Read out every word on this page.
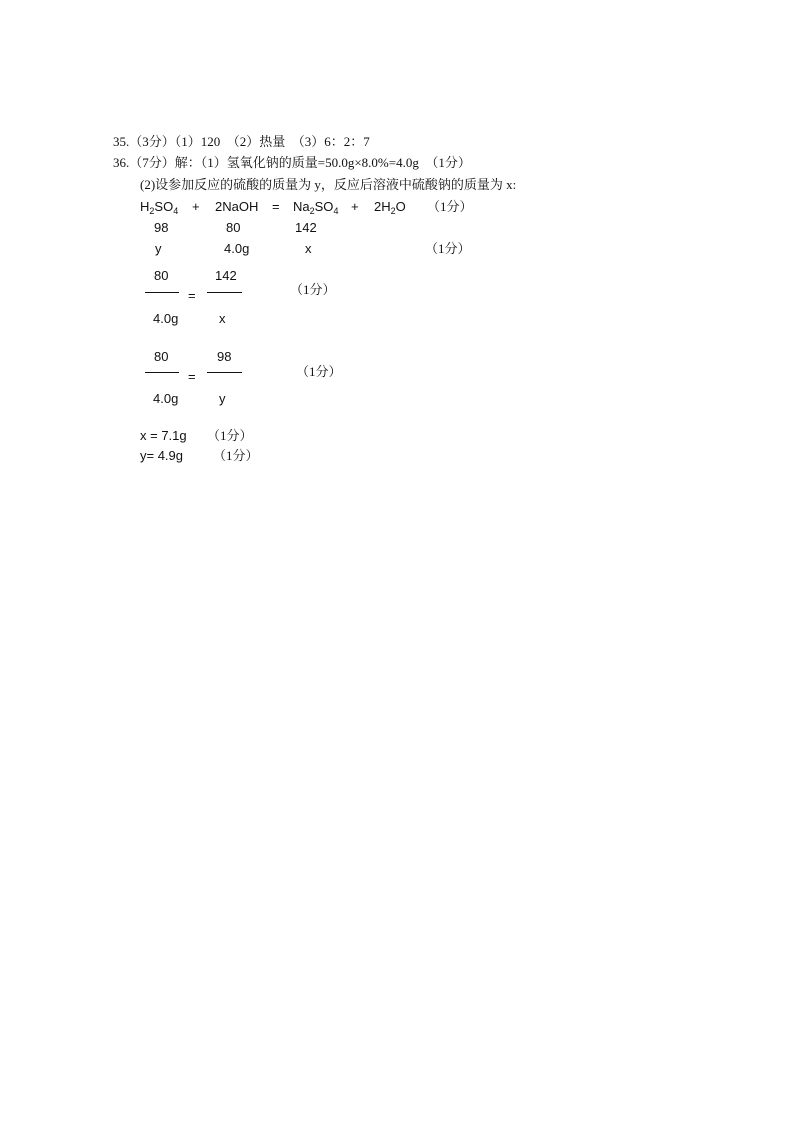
35.（3分）（1）120　（2）热量　（3）6：2：7
36.（7分）解：（1）氢氧化钠的质量=50.0g×8.0%=4.0g　（1分）
(2)设参加反应的硫酸的质量为 y，反应后溶液中硫酸钠的质量为 x:
$H_2SO_4$ + 2NaOH = $Na_2SO_4 + 2H_2O$ （1分）
98	80	142
y	4.0g	x	（1分）
80
4.0g
=
142
x
（1分）
80
4.0g
=
98
y
（1分）
x = 7.1g （1分）
y= 4.9g （1分）
